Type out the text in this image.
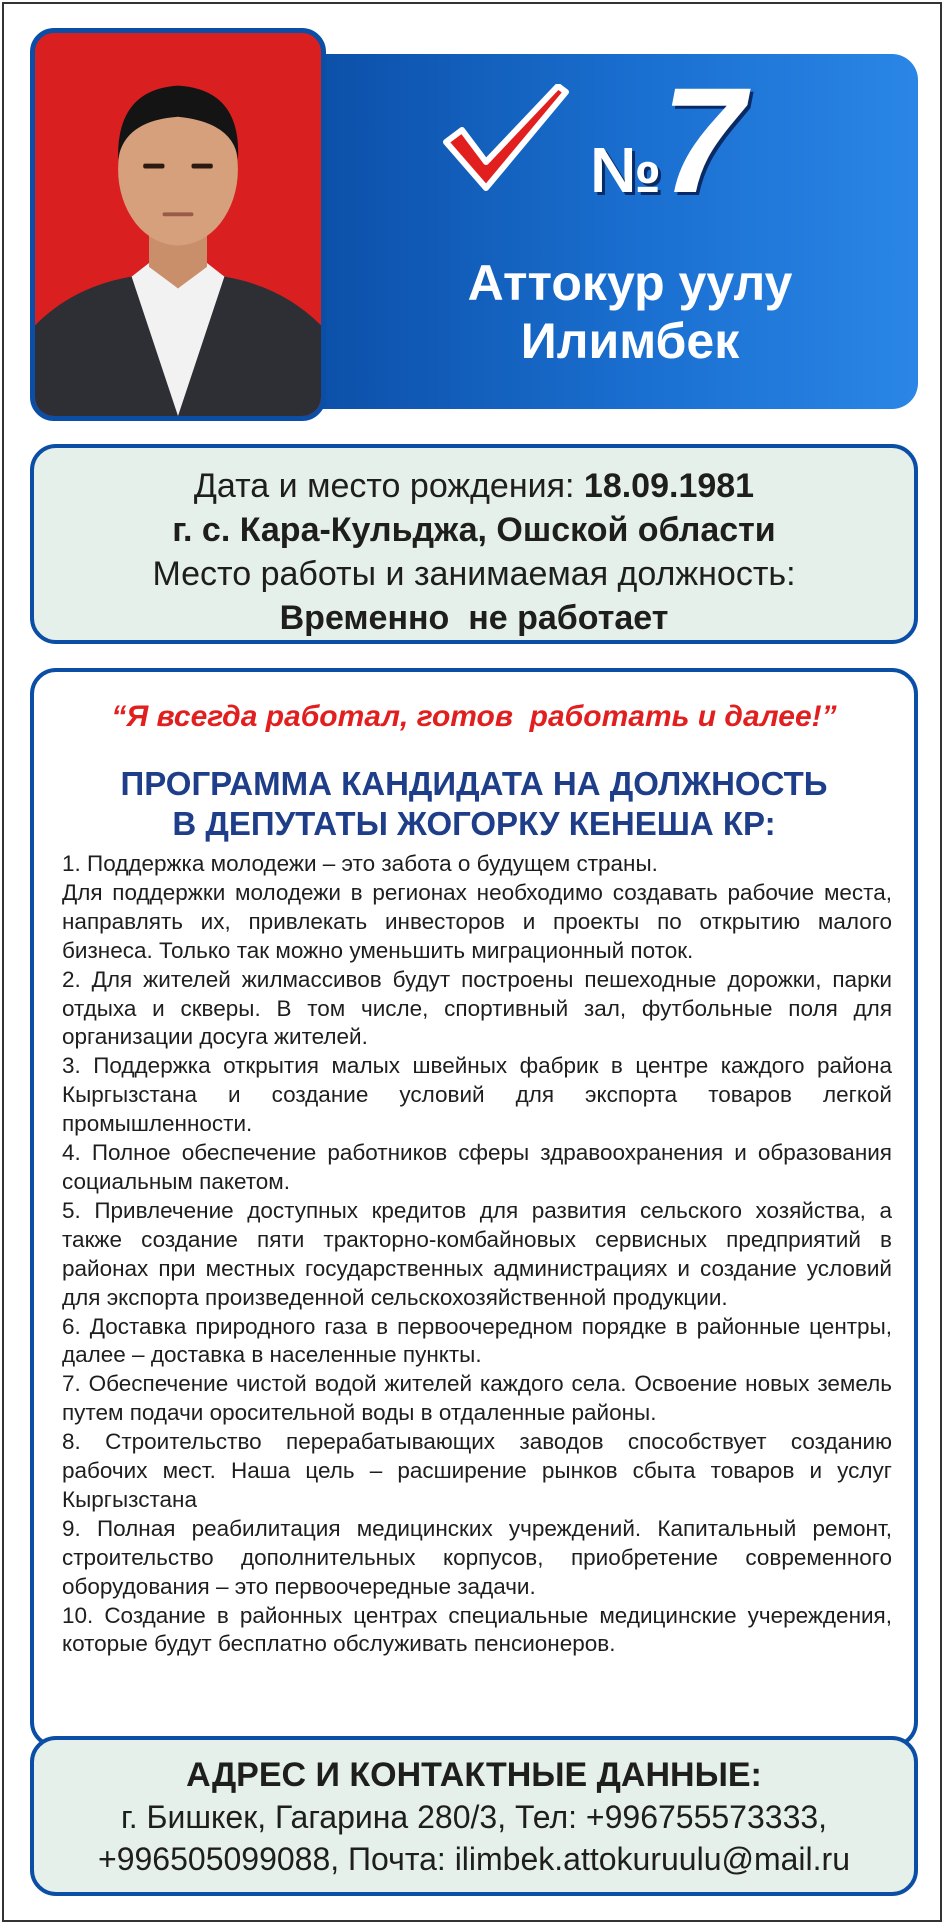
№7
Аттокур уулу
Илимбек
Дата и место рождения: 18.09.1981
г. с. Кара-Кульджа, Ошской области
Место работы и занимаемая должность:
Временно  не работает
“Я всегда работал, готов  работать и далее!”
ПРОГРАММА КАНДИДАТА НА ДОЛЖНОСТЬ
В ДЕПУТАТЫ ЖОГОРКУ КЕНЕША КР:

1. Поддержка молодежи – это забота о будущем страны.

Для поддержки молодежи в регионах необходимо создавать рабочие места, направлять их, привлекать инвесторов и проекты по открытию малого бизнеса. Только так можно уменьшить миграционный поток.

2. Для жителей жилмассивов будут построены пешеходные дорожки, парки отдыха и скверы. В том числе, спортивный зал, футбольные поля для организации досуга жителей.

3. Поддержка открытия малых швейных фабрик в центре каждого района Кыргызстана и создание условий для экспорта товаров легкой промышленности.

4. Полное обеспечение работников сферы здравоохранения и образования социальным пакетом.

5. Привлечение доступных кредитов для развития сельского хозяйства, а также создание пяти тракторно-комбайновых сервисных предприятий в районах при местных государственных администрациях и создание условий для экспорта произведенной сельскохозяйственной продукции.

6. Доставка природного газа в первоочередном порядке в районные центры, далее – доставка в населенные пункты.

7. Обеспечение чистой водой жителей каждого села. Освоение новых земель путем подачи оросительной воды в отдаленные районы.

8. Строительство перерабатывающих заводов способствует созданию рабочих мест. Наша цель – расширение рынков сбыта товаров и услуг Кыргызстана

9. Полная реабилитация медицинских учреждений. Капитальный ремонт, строительство дополнительных корпусов, приобретение современного оборудования – это первоочередные задачи.

10. Создание в районных центрах специальные медицинские учереждения, которые будут бесплатно обслуживать пенсионеров.

АДРЕС И КОНТАКТНЫЕ ДАННЫЕ:
г. Бишкек, Гагарина 280/3, Тел: +996755573333,
+996505099088, Почта: ilimbek.attokuruulu@mail.ru
